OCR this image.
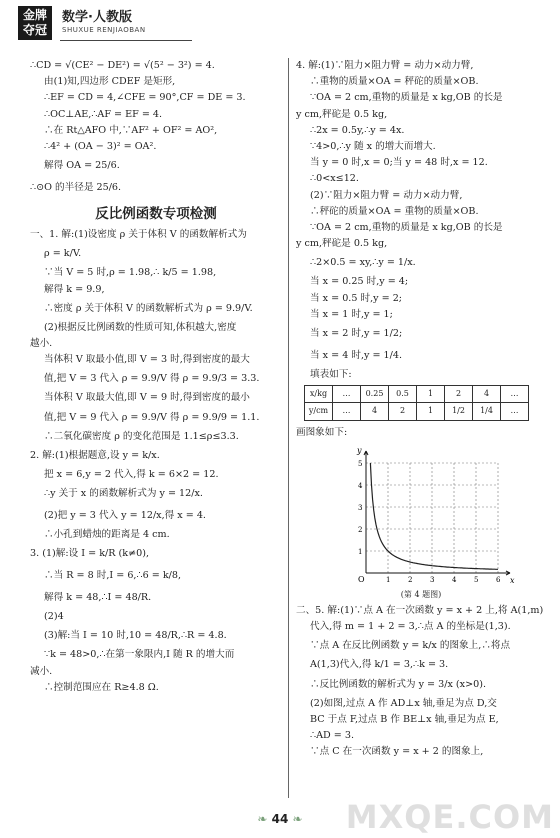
金牌
夺冠
数学·人教版
SHUXUE RENJIAOBAN
∴CD = √(CE² − DE²) = √(5² − 3²) = 4.
由(1)知,四边形 CDEF 是矩形,
∴EF = CD = 4,∠CFE = 90°,CF = DE = 3.
∴OC⊥AE,∴AF = EF = 4.
∴在 Rt△AFO 中,∵AF² + OF² = AO²,
∴4² + (OA − 3)² = OA².
解得 OA = 25/6.
∴⊙O 的半径是 25/6.
反比例函数专项检测
一、1. 解:(1)设密度 ρ 关于体积 V 的函数解析式为
ρ = k/V.
∵当 V = 5 时,ρ = 1.98,∴ k/5 = 1.98,
解得 k = 9.9,
∴密度 ρ 关于体积 V 的函数解析式为 ρ = 9.9/V.
(2)根据反比例函数的性质可知,体积越大,密度
越小.
当体积 V 取最小值,即 V = 3 时,得到密度的最大
值,把 V = 3 代入 ρ = 9.9/V 得 ρ = 9.9/3 = 3.3.
当体积 V 取最大值,即 V = 9 时,得到密度的最小
值,把 V = 9 代入 ρ = 9.9/V 得 ρ = 9.9/9 = 1.1.
∴二氧化碳密度 ρ 的变化范围是 1.1≤ρ≤3.3.
2. 解:(1)根据题意,设 y = k/x.
把 x = 6,y = 2 代入,得 k = 6×2 = 12.
∴y 关于 x 的函数解析式为 y = 12/x.
(2)把 y = 3 代入 y = 12/x,得 x = 4.
∴小孔到蜡烛的距离是 4 cm.
3. (1)解:设 I = k/R (k≠0),
∴当 R = 8 时,I = 6,∴6 = k/8,
解得 k = 48,∴I = 48/R.
(2)4
(3)解:当 I = 10 时,10 = 48/R,∴R = 4.8.
∵k = 48>0,∴在第一象限内,I 随 R 的增大而
减小.
∴控制范围应在 R≥4.8 Ω.
4. 解:(1)∵阻力×阻力臂 = 动力×动力臂,
∴重物的质量×OA = 秤砣的质量×OB.
∵OA = 2 cm,重物的质量是 x kg,OB 的长是
y cm,秤砣是 0.5 kg,
∴2x = 0.5y,∴y = 4x.
∵4>0,∴y 随 x 的增大而增大.
当 y = 0 时,x = 0;当 y = 48 时,x = 12.
∴0<x≤12.
(2)∵阻力×阻力臂 = 动力×动力臂,
∴秤砣的质量×OA = 重物的质量×OB.
∵OA = 2 cm,重物的质量是 x kg,OB 的长是
y cm,秤砣是 0.5 kg,
∴2×0.5 = xy,∴y = 1/x.
当 x = 0.25 时,y = 4;
当 x = 0.5 时,y = 2;
当 x = 1 时,y = 1;
当 x = 2 时,y = 1/2;
当 x = 4 时,y = 1/4.
填表如下:
x/kg	…	0.25	0.5	1	2	4	…
y/cm	…	4	2	1	1/2	1/4	…
画图象如下:
1	2	3	4	5	6
1
2
3
4
5
y
x
O
(第 4 题图)
二、5. 解:(1)∵点 A 在一次函数 y = x + 2 上,将 A(1,m)
代入,得 m = 1 + 2 = 3,∴点 A 的坐标是(1,3).
∵点 A 在反比例函数 y = k/x 的图象上,∴将点
A(1,3)代入,得 k/1 = 3,∴k = 3.
∴反比例函数的解析式为 y = 3/x (x>0).
(2)如图,过点 A 作 AD⊥x 轴,垂足为点 D,交
BC 于点 F,过点 B 作 BE⊥x 轴,垂足为点 E,
∴AD = 3.
∵点 C 在一次函数 y = x + 2 的图象上,
❧ 44 ❧	MXQE.COM
